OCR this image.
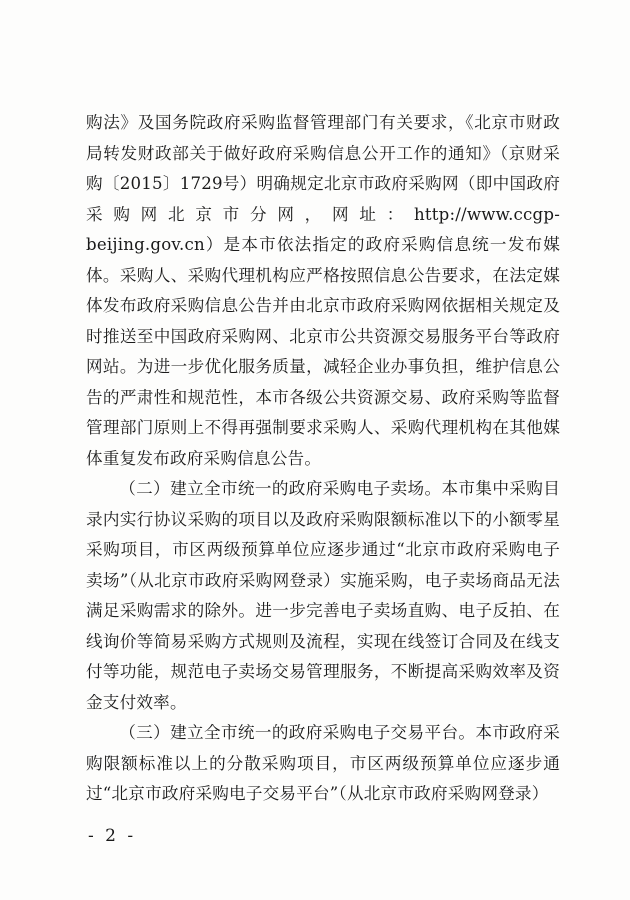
购法》及国务院政府采购监督管理部门有关要求，《北京市财政局转发财政部关于做好政府采购信息公开工作的通知》（京财采购〔2015〕1729号）明确规定北京市政府采购网（即中国政府采购网北京市分网，网址：http://www.ccgp-beijing.gov.cn）是本市依法指定的政府采购信息统一发布媒体。采购人、采购代理机构应严格按照信息公告要求，在法定媒体发布政府采购信息公告并由北京市政府采购网依据相关规定及时推送至中国政府采购网、北京市公共资源交易服务平台等政府网站。为进一步优化服务质量，减轻企业办事负担，维护信息公告的严肃性和规范性，本市各级公共资源交易、政府采购等监督管理部门原则上不得再强制要求采购人、采购代理机构在其他媒体重复发布政府采购信息公告。

（二）建立全市统一的政府采购电子卖场。本市集中采购目录内实行协议采购的项目以及政府采购限额标准以下的小额零星采购项目，市区两级预算单位应逐步通过“北京市政府采购电子卖场”（从北京市政府采购网登录）实施采购，电子卖场商品无法满足采购需求的除外。进一步完善电子卖场直购、电子反拍、在线询价等简易采购方式规则及流程，实现在线签订合同及在线支付等功能，规范电子卖场交易管理服务，不断提高采购效率及资金支付效率。

（三）建立全市统一的政府采购电子交易平台。本市政府采购限额标准以上的分散采购项目，市区两级预算单位应逐步通过“北京市政府采购电子交易平台”（从北京市政府采购网登录）

- 2 -
